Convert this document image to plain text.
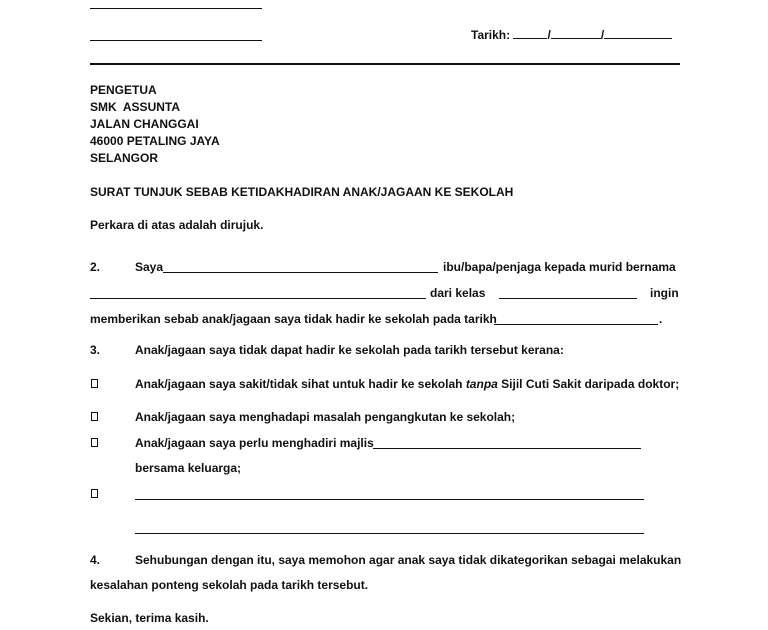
Tarikh:	/	/
PENGETUA
SMK  ASSUNTA
JALAN CHANGGAI
46000 PETALING JAYA
SELANGOR
SURAT TUNJUK SEBAB KETIDAKHADIRAN ANAK/JAGAAN KE SEKOLAH
Perkara di atas adalah dirujuk.
2.	Saya	ibu/bapa/penjaga kepada murid bernama
dari kelas	ingin
memberikan sebab anak/jagaan saya tidak hadir ke sekolah pada tarikh	.
3.	Anak/jagaan saya tidak dapat hadir ke sekolah pada tarikh tersebut kerana:
Anak/jagaan saya sakit/tidak sihat untuk hadir ke sekolah tanpa Sijil Cuti Sakit daripada doktor;
Anak/jagaan saya menghadapi masalah pengangkutan ke sekolah;
Anak/jagaan saya perlu menghadiri majlis
bersama keluarga;
4.	Sehubungan dengan itu, saya memohon agar anak saya tidak dikategorikan sebagai melakukan
kesalahan ponteng sekolah pada tarikh tersebut.
Sekian, terima kasih.
